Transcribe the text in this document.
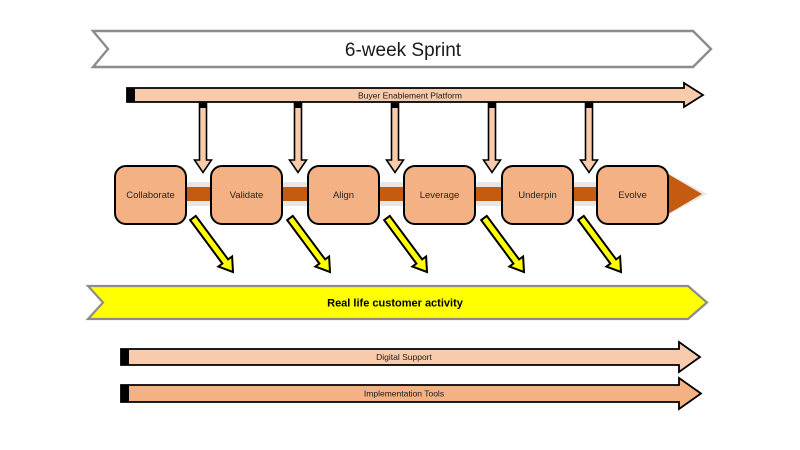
6-week Sprint
Buyer Enablement Platform
Collaborate	Validate	Align	Leverage	Underpin	Evolve
Real life customer activity
Digital Support
Implementation Tools
